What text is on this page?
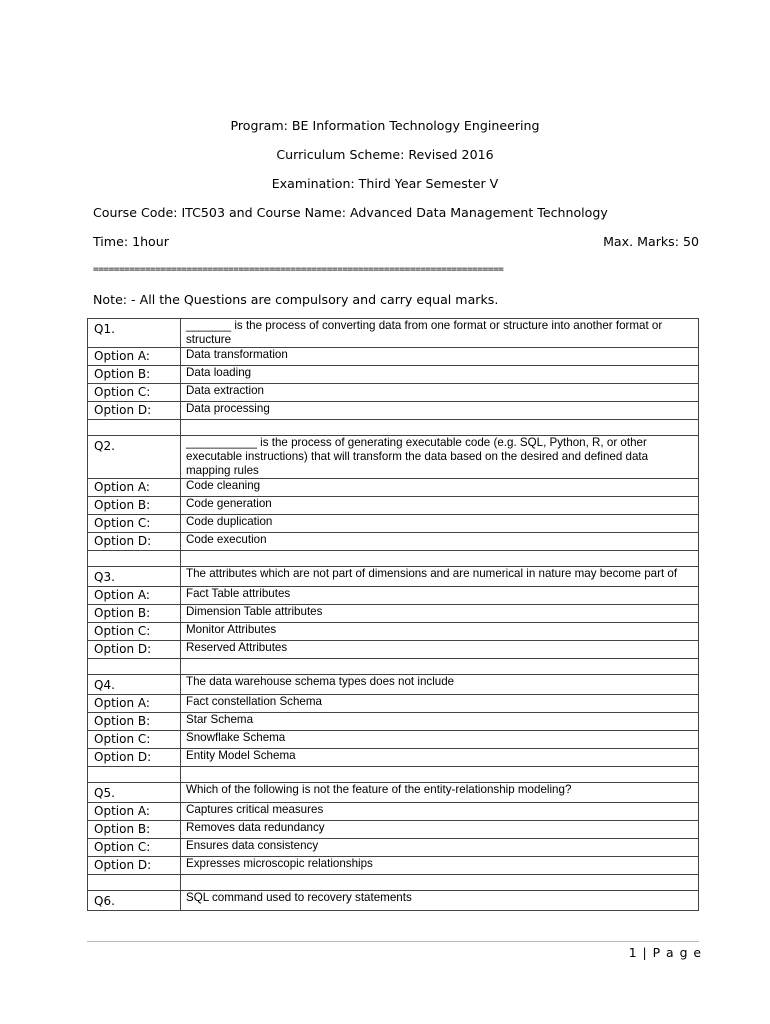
Program: BE Information Technology Engineering
Curriculum Scheme: Revised 2016
Examination: Third Year Semester V
Course Code: ITC503 and Course Name: Advanced Data Management Technology
Time: 1hour	Max. Marks: 50
===============================================================================
Note: - All the Questions are compulsory and carry equal marks.
Q1.	_______ is the process of converting data from one format or structure into another format or structure
Option A:	Data transformation
Option B:	Data loading
Option C:	Data extraction
Option D:	Data processing

Q2.	___________ is the process of generating executable code (e.g. SQL, Python, R, or other executable instructions) that will transform the data based on the desired and defined data mapping rules
Option A:	Code cleaning
Option B:	Code generation
Option C:	Code duplication
Option D:	Code execution

Q3.	The attributes which are not part of dimensions and are numerical in nature may become part of
Option A:	Fact Table attributes
Option B:	Dimension Table attributes
Option C:	Monitor Attributes
Option D:	Reserved Attributes

Q4.	The data warehouse schema types does not include
Option A:	Fact constellation Schema
Option B:	Star Schema
Option C:	Snowflake Schema
Option D:	Entity Model Schema

Q5.	Which of the following is not the feature of the entity-relationship modeling?
Option A:	Captures critical measures
Option B:	Removes data redundancy
Option C:	Ensures data consistency
Option D:	Expresses microscopic relationships

Q6.	SQL command used to recovery statements
1 | P a g e
